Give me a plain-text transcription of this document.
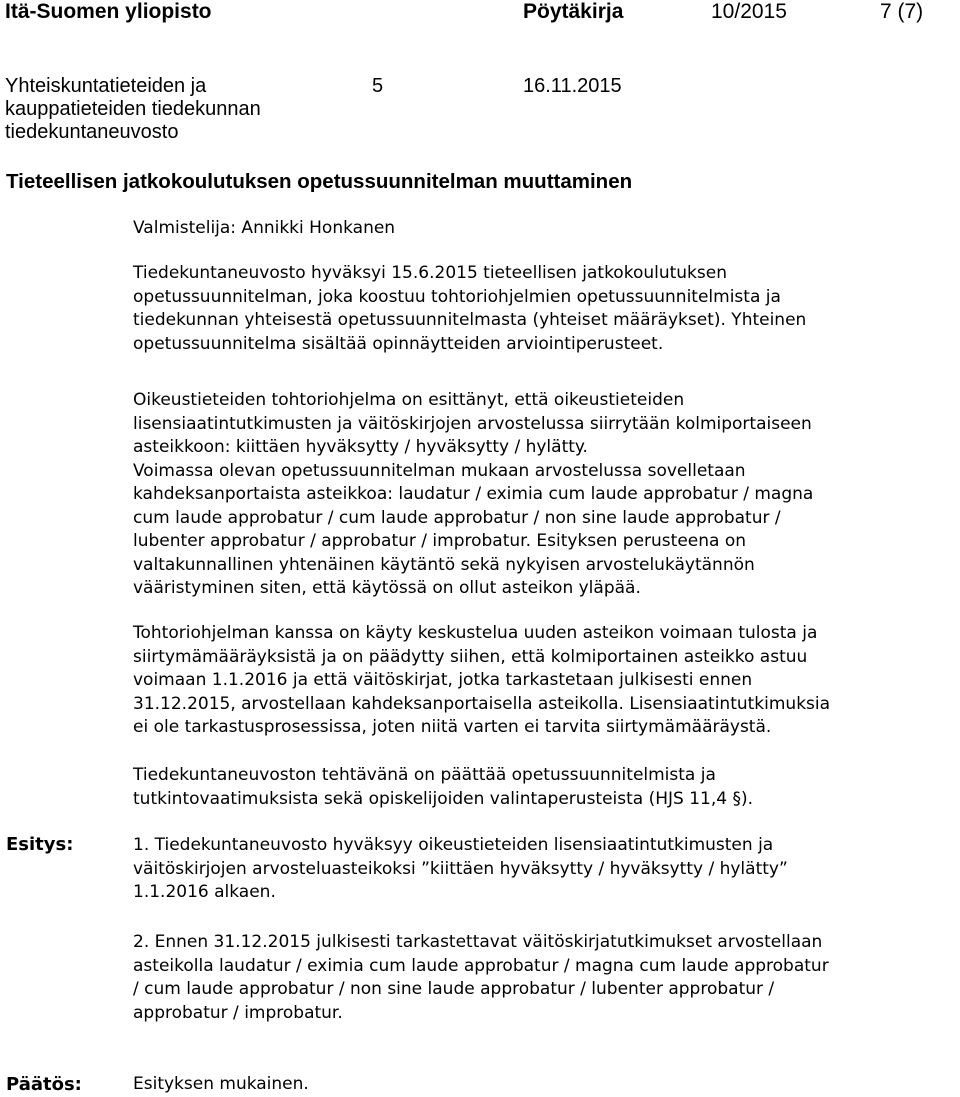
Itä-Suomen yliopisto	Pöytäkirja	10/2015	7 (7)
Yhteiskuntatieteiden ja
kauppatieteiden tiedekunnan
tiedekuntaneuvosto
5	16.11.2015
Tieteellisen jatkokoulutuksen opetussuunnitelman muuttaminen
Valmistelija: Annikki Honkanen
Tiedekuntaneuvosto hyväksyi 15.6.2015 tieteellisen jatkokoulutuksen
opetussuunnitelman, joka koostuu tohtoriohjelmien opetussuunnitelmista ja
tiedekunnan yhteisestä opetussuunnitelmasta (yhteiset määräykset). Yhteinen
opetussuunnitelma sisältää opinnäytteiden arviointiperusteet.
Oikeustieteiden tohtoriohjelma on esittänyt, että oikeustieteiden
lisensiaatintutkimusten ja väitöskirjojen arvostelussa siirrytään kolmiportaiseen
asteikkoon: kiittäen hyväksytty / hyväksytty / hylätty.
Voimassa olevan opetussuunnitelman mukaan arvostelussa sovelletaan
kahdeksanportaista asteikkoa: laudatur / eximia cum laude approbatur / magna
cum laude approbatur / cum laude approbatur / non sine laude approbatur /
lubenter approbatur / approbatur / improbatur. Esityksen perusteena on
valtakunnallinen yhtenäinen käytäntö sekä nykyisen arvostelukäytännön
vääristyminen siten, että käytössä on ollut asteikon yläpää.
Tohtoriohjelman kanssa on käyty keskustelua uuden asteikon voimaan tulosta ja
siirtymämääräyksistä ja on päädytty siihen, että kolmiportainen asteikko astuu
voimaan 1.1.2016 ja että väitöskirjat, jotka tarkastetaan julkisesti ennen
31.12.2015, arvostellaan kahdeksanportaisella asteikolla. Lisensiaatintutkimuksia
ei ole tarkastusprosessissa, joten niitä varten ei tarvita siirtymämääräystä.
Tiedekuntaneuvoston tehtävänä on päättää opetussuunnitelmista ja
tutkintovaatimuksista sekä opiskelijoiden valintaperusteista (HJS 11,4 §).
Esitys:	1. Tiedekuntaneuvosto hyväksyy oikeustieteiden lisensiaatintutkimusten ja
väitöskirjojen arvosteluasteikoksi ”kiittäen hyväksytty / hyväksytty / hylätty”
1.1.2016 alkaen.
2. Ennen 31.12.2015 julkisesti tarkastettavat väitöskirjatutkimukset arvostellaan
asteikolla laudatur / eximia cum laude approbatur / magna cum laude approbatur
/ cum laude approbatur / non sine laude approbatur / lubenter approbatur /
approbatur / improbatur.
Päätös:	Esityksen mukainen.
